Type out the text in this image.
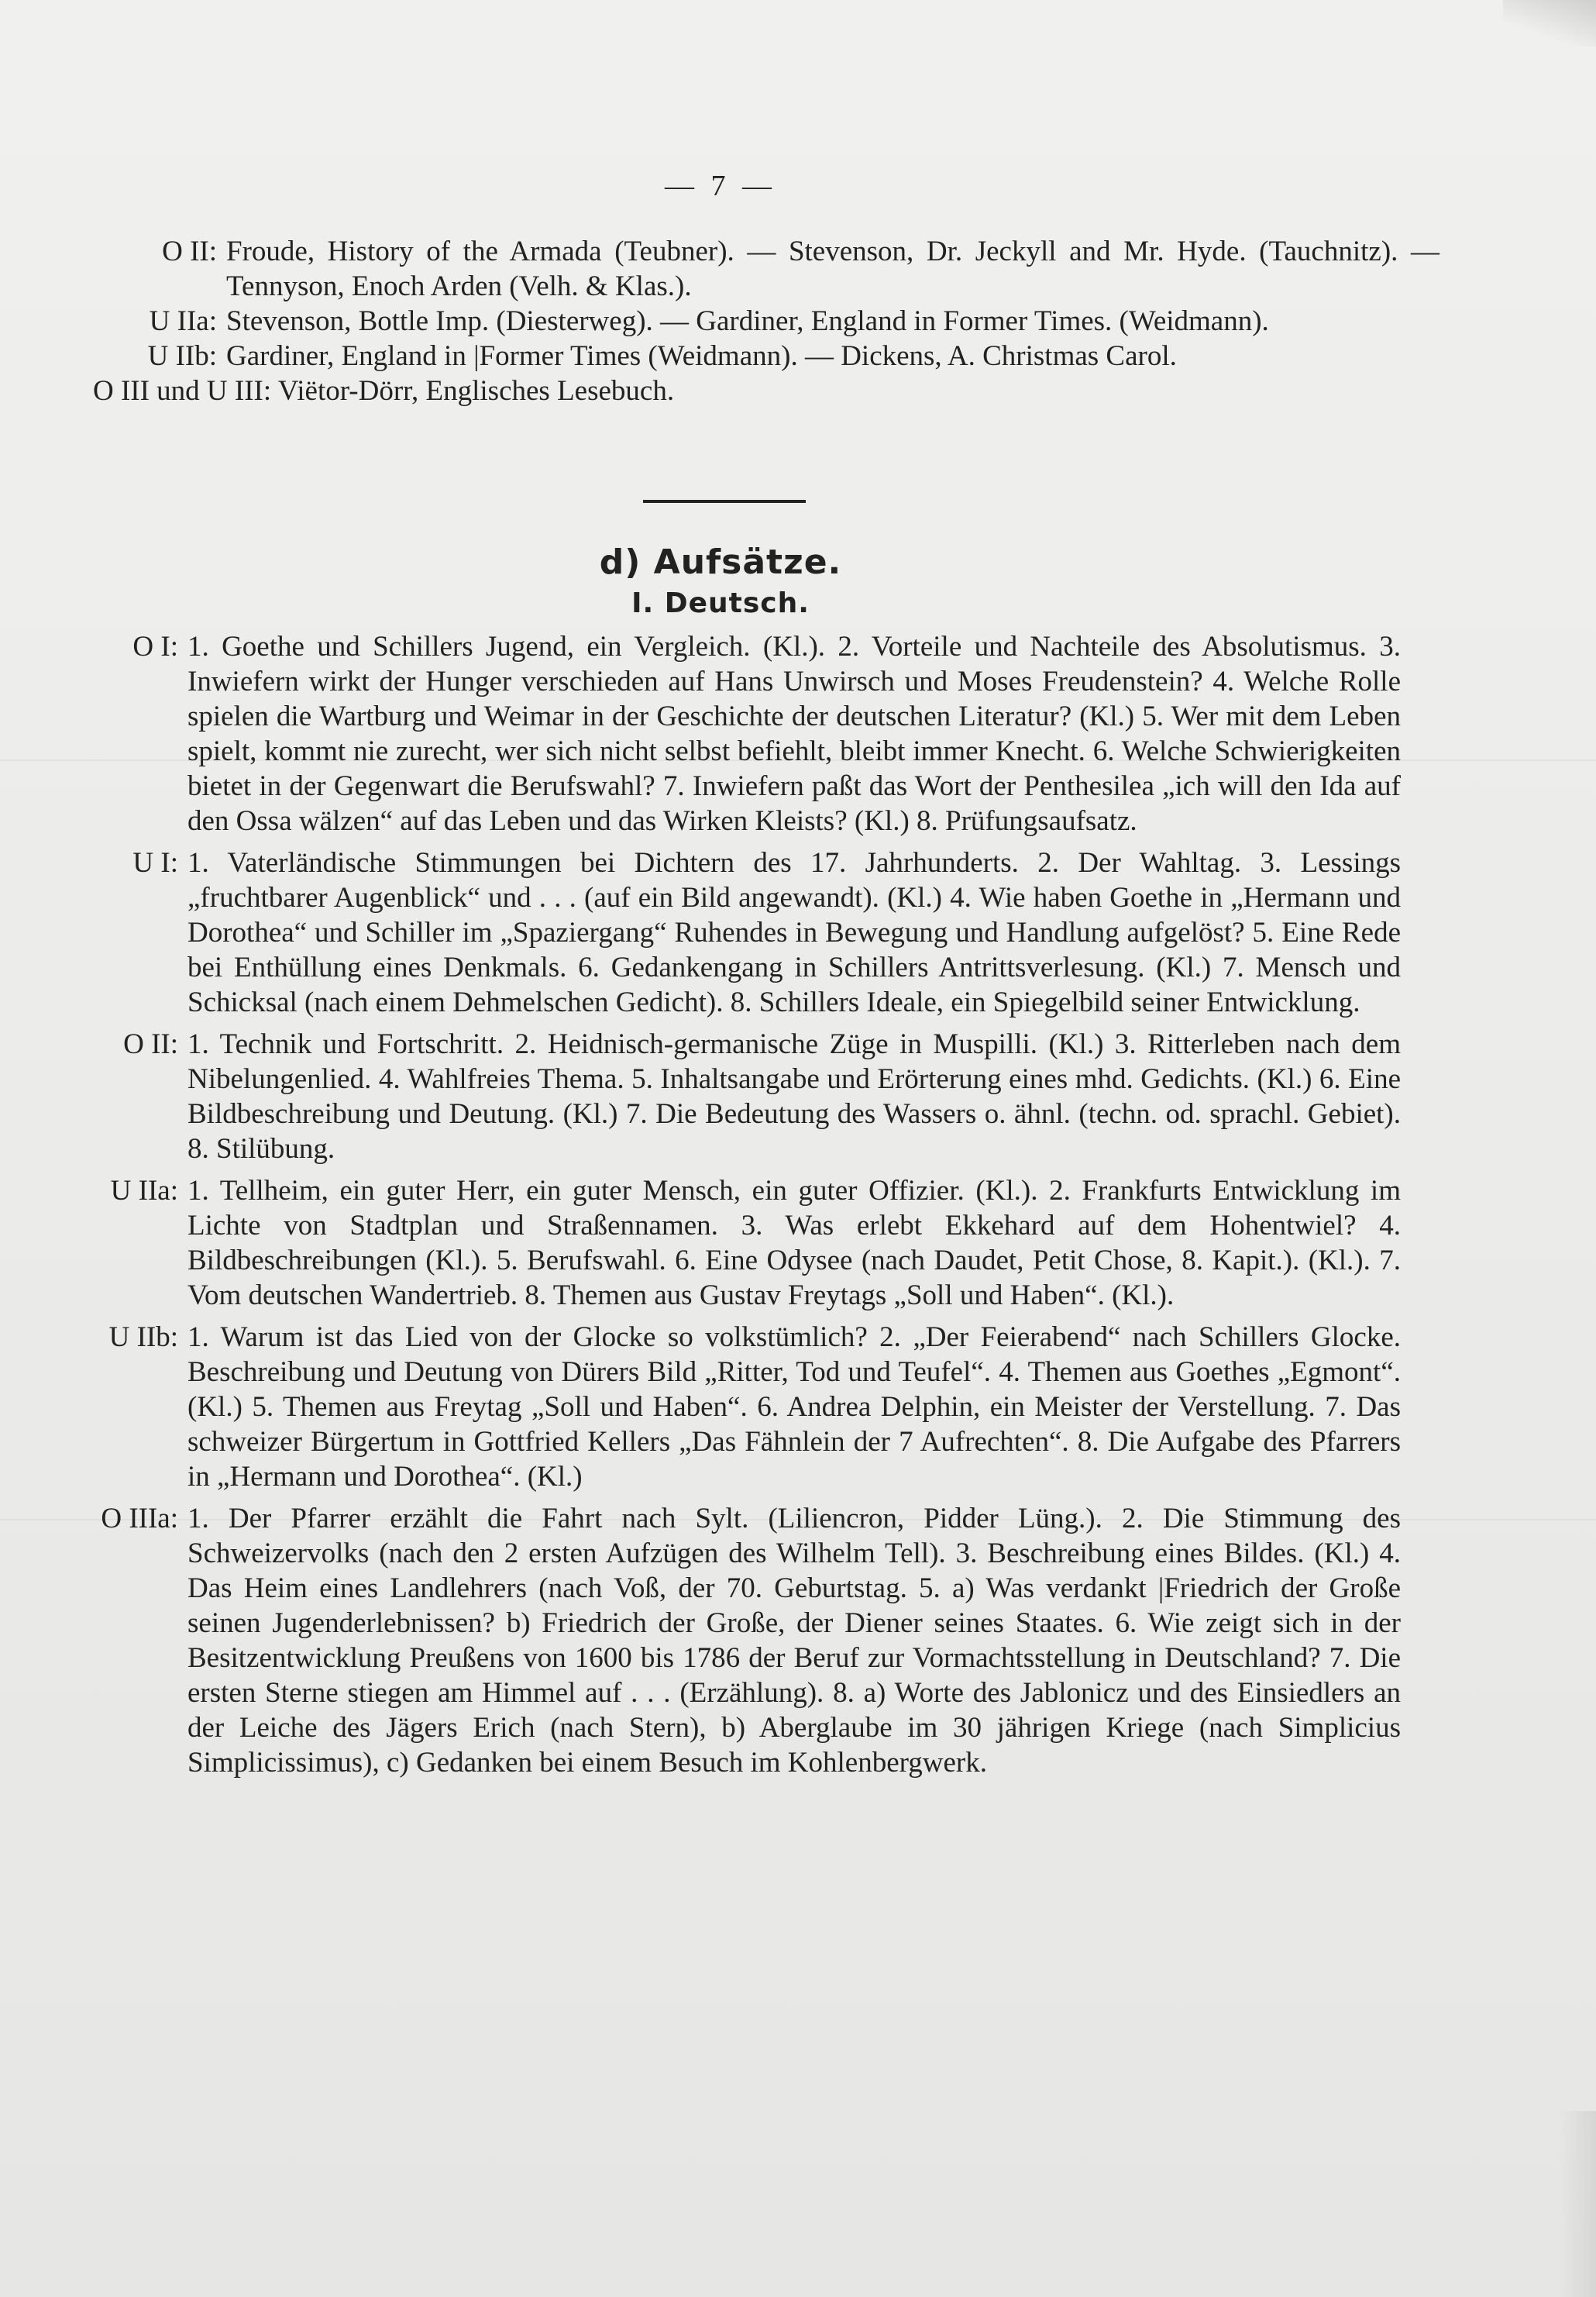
— 7 —
O II: Froude, History of the Armada (Teubner). — Stevenson, Dr. Jeckyll and Mr. Hyde. (Tauchnitz). — Tennyson, Enoch Arden (Velh. & Klas.).
U IIa: Stevenson, Bottle Imp. (Diesterweg). — Gardiner, England in Former Times. (Weidmann).
U IIb: Gardiner, England in |Former Times (Weidmann). — Dickens, A. Christmas Carol.
O III und U III: Viëtor-Dörr, Englisches Lesebuch.
d) Aufsätze.
I. Deutsch.
O I: 1. Goethe und Schillers Jugend, ein Vergleich. (Kl.). 2. Vorteile und Nachteile des Absolutismus. 3. Inwiefern wirkt der Hunger verschieden auf Hans Unwirsch und Moses Freudenstein? 4. Welche Rolle spielen die Wartburg und Weimar in der Geschichte der deutschen Literatur? (Kl.) 5. Wer mit dem Leben spielt, kommt nie zurecht, wer sich nicht selbst befiehlt, bleibt immer Knecht. 6. Welche Schwierigkeiten bietet in der Gegenwart die Berufswahl? 7. Inwiefern paßt das Wort der Penthesilea „ich will den Ida auf den Ossa wälzen“ auf das Leben und das Wirken Kleists? (Kl.) 8. Prüfungsaufsatz.
U I: 1. Vaterländische Stimmungen bei Dichtern des 17. Jahrhunderts. 2. Der Wahltag. 3. Lessings „fruchtbarer Augenblick“ und . . . (auf ein Bild angewandt). (Kl.) 4. Wie haben Goethe in „Hermann und Dorothea“ und Schiller im „Spaziergang“ Ruhendes in Bewegung und Handlung aufgelöst? 5. Eine Rede bei Enthüllung eines Denkmals. 6. Gedankengang in Schillers Antrittsverlesung. (Kl.) 7. Mensch und Schicksal (nach einem Dehmelschen Gedicht). 8. Schillers Ideale, ein Spiegelbild seiner Entwicklung.
O II: 1. Technik und Fortschritt. 2. Heidnisch-germanische Züge in Muspilli. (Kl.) 3. Ritterleben nach dem Nibelungenlied. 4. Wahlfreies Thema. 5. Inhaltsangabe und Erörterung eines mhd. Gedichts. (Kl.) 6. Eine Bildbeschreibung und Deutung. (Kl.) 7. Die Bedeutung des Wassers o. ähnl. (techn. od. sprachl. Gebiet). 8. Stilübung.
U IIa: 1. Tellheim, ein guter Herr, ein guter Mensch, ein guter Offizier. (Kl.). 2. Frankfurts Entwicklung im Lichte von Stadtplan und Straßennamen. 3. Was erlebt Ekkehard auf dem Hohentwiel? 4. Bildbeschreibungen (Kl.). 5. Berufswahl. 6. Eine Odysee (nach Daudet, Petit Chose, 8. Kapit.). (Kl.). 7. Vom deutschen Wandertrieb. 8. Themen aus Gustav Freytags „Soll und Haben“. (Kl.).
U IIb: 1. Warum ist das Lied von der Glocke so volkstümlich? 2. „Der Feierabend“ nach Schillers Glocke. Beschreibung und Deutung von Dürers Bild „Ritter, Tod und Teufel“. 4. Themen aus Goethes „Egmont“. (Kl.) 5. Themen aus Freytag „Soll und Haben“. 6. Andrea Delphin, ein Meister der Verstellung. 7. Das schweizer Bürgertum in Gottfried Kellers „Das Fähnlein der 7 Aufrechten“. 8. Die Aufgabe des Pfarrers in „Hermann und Dorothea“. (Kl.)
O IIIa: 1. Der Pfarrer erzählt die Fahrt nach Sylt. (Liliencron, Pidder Lüng.). 2. Die Stimmung des Schweizervolks (nach den 2 ersten Aufzügen des Wilhelm Tell). 3. Beschreibung eines Bildes. (Kl.) 4. Das Heim eines Landlehrers (nach Voß, der 70. Geburtstag. 5. a) Was verdankt |Friedrich der Große seinen Jugenderlebnissen? b) Friedrich der Große, der Diener seines Staates. 6. Wie zeigt sich in der Besitzentwicklung Preußens von 1600 bis 1786 der Beruf zur Vormachtsstellung in Deutschland? 7. Die ersten Sterne stiegen am Himmel auf . . . (Erzählung). 8. a) Worte des Jablonicz und des Einsiedlers an der Leiche des Jägers Erich (nach Stern), b) Aberglaube im 30 jährigen Kriege (nach Simplicius Simplicissimus), c) Gedanken bei einem Besuch im Kohlenbergwerk.
